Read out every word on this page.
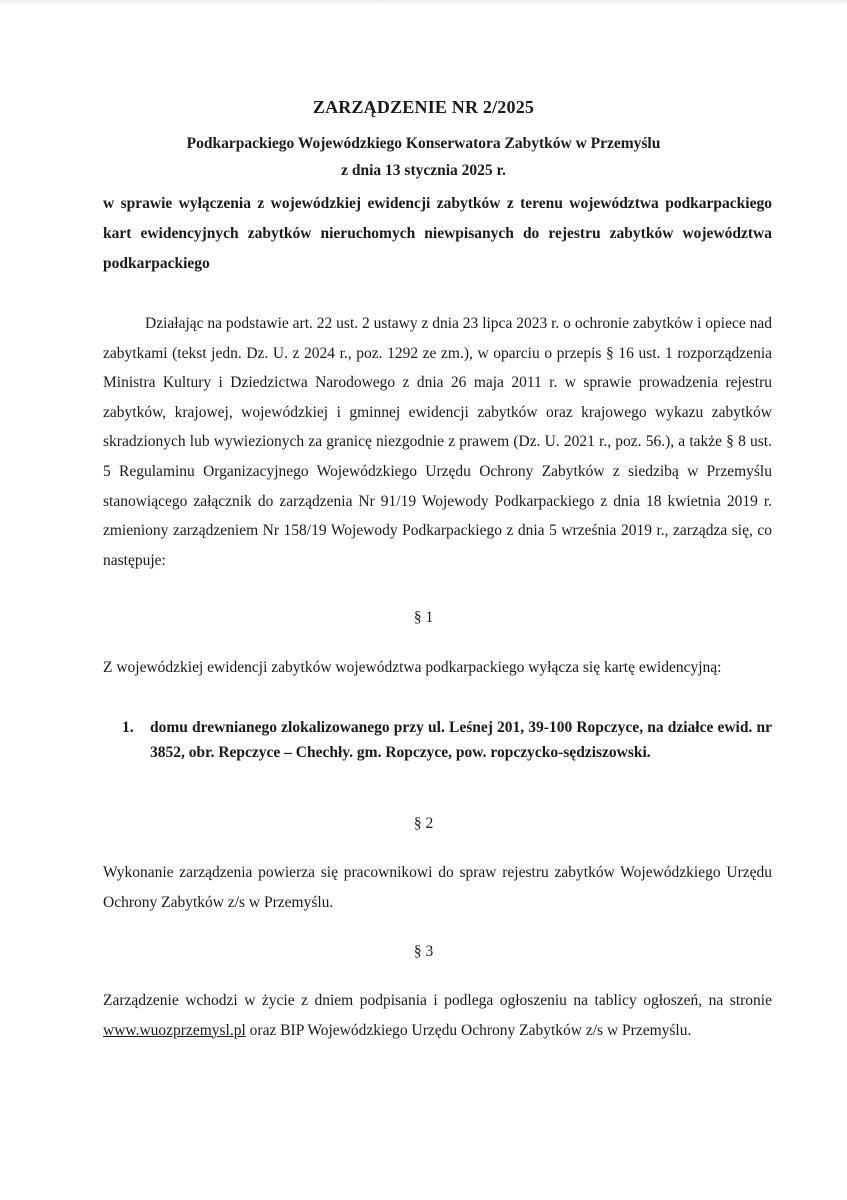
ZARZĄDZENIE NR 2/2025
Podkarpackiego Wojewódzkiego Konserwatora Zabytków w Przemyślu
z dnia 13 stycznia 2025 r.
w sprawie wyłączenia z wojewódzkiej ewidencji zabytków z terenu województwa podkarpackiego kart ewidencyjnych zabytków nieruchomych niewpisanych do rejestru zabytków województwa podkarpackiego
Działając na podstawie art. 22 ust. 2 ustawy z dnia 23 lipca 2023 r. o ochronie zabytków i opiece nad zabytkami (tekst jedn. Dz. U. z 2024 r., poz. 1292 ze zm.), w oparciu o przepis § 16 ust. 1 rozporządzenia Ministra Kultury i Dziedzictwa Narodowego z dnia 26 maja 2011 r. w sprawie prowadzenia rejestru zabytków, krajowej, wojewódzkiej i gminnej ewidencji zabytków oraz krajowego wykazu zabytków skradzionych lub wywiezionych za granicę niezgodnie z prawem (Dz. U. 2021 r., poz. 56.), a także § 8 ust. 5 Regulaminu Organizacyjnego Wojewódzkiego Urzędu Ochrony Zabytków z siedzibą w Przemyślu stanowiącego załącznik do zarządzenia Nr 91/19 Wojewody Podkarpackiego z dnia 18 kwietnia 2019 r. zmieniony zarządzeniem Nr 158/19 Wojewody Podkarpackiego z dnia 5 września 2019 r., zarządza się, co następuje:
§ 1
Z wojewódzkiej ewidencji zabytków województwa podkarpackiego wyłącza się kartę ewidencyjną:
1. domu drewnianego zlokalizowanego przy ul. Leśnej 201, 39-100 Ropczyce, na działce ewid. nr 3852, obr. Repczyce – Chechły. gm. Ropczyce, pow. ropczycko-sędziszowski.
§ 2
Wykonanie zarządzenia powierza się pracownikowi do spraw rejestru zabytków Wojewódzkiego Urzędu Ochrony Zabytków z/s w Przemyślu.
§ 3
Zarządzenie wchodzi w życie z dniem podpisania i podlega ogłoszeniu na tablicy ogłoszeń, na stronie www.wuozprzemysl.pl oraz BIP Wojewódzkiego Urzędu Ochrony Zabytków z/s w Przemyślu.
